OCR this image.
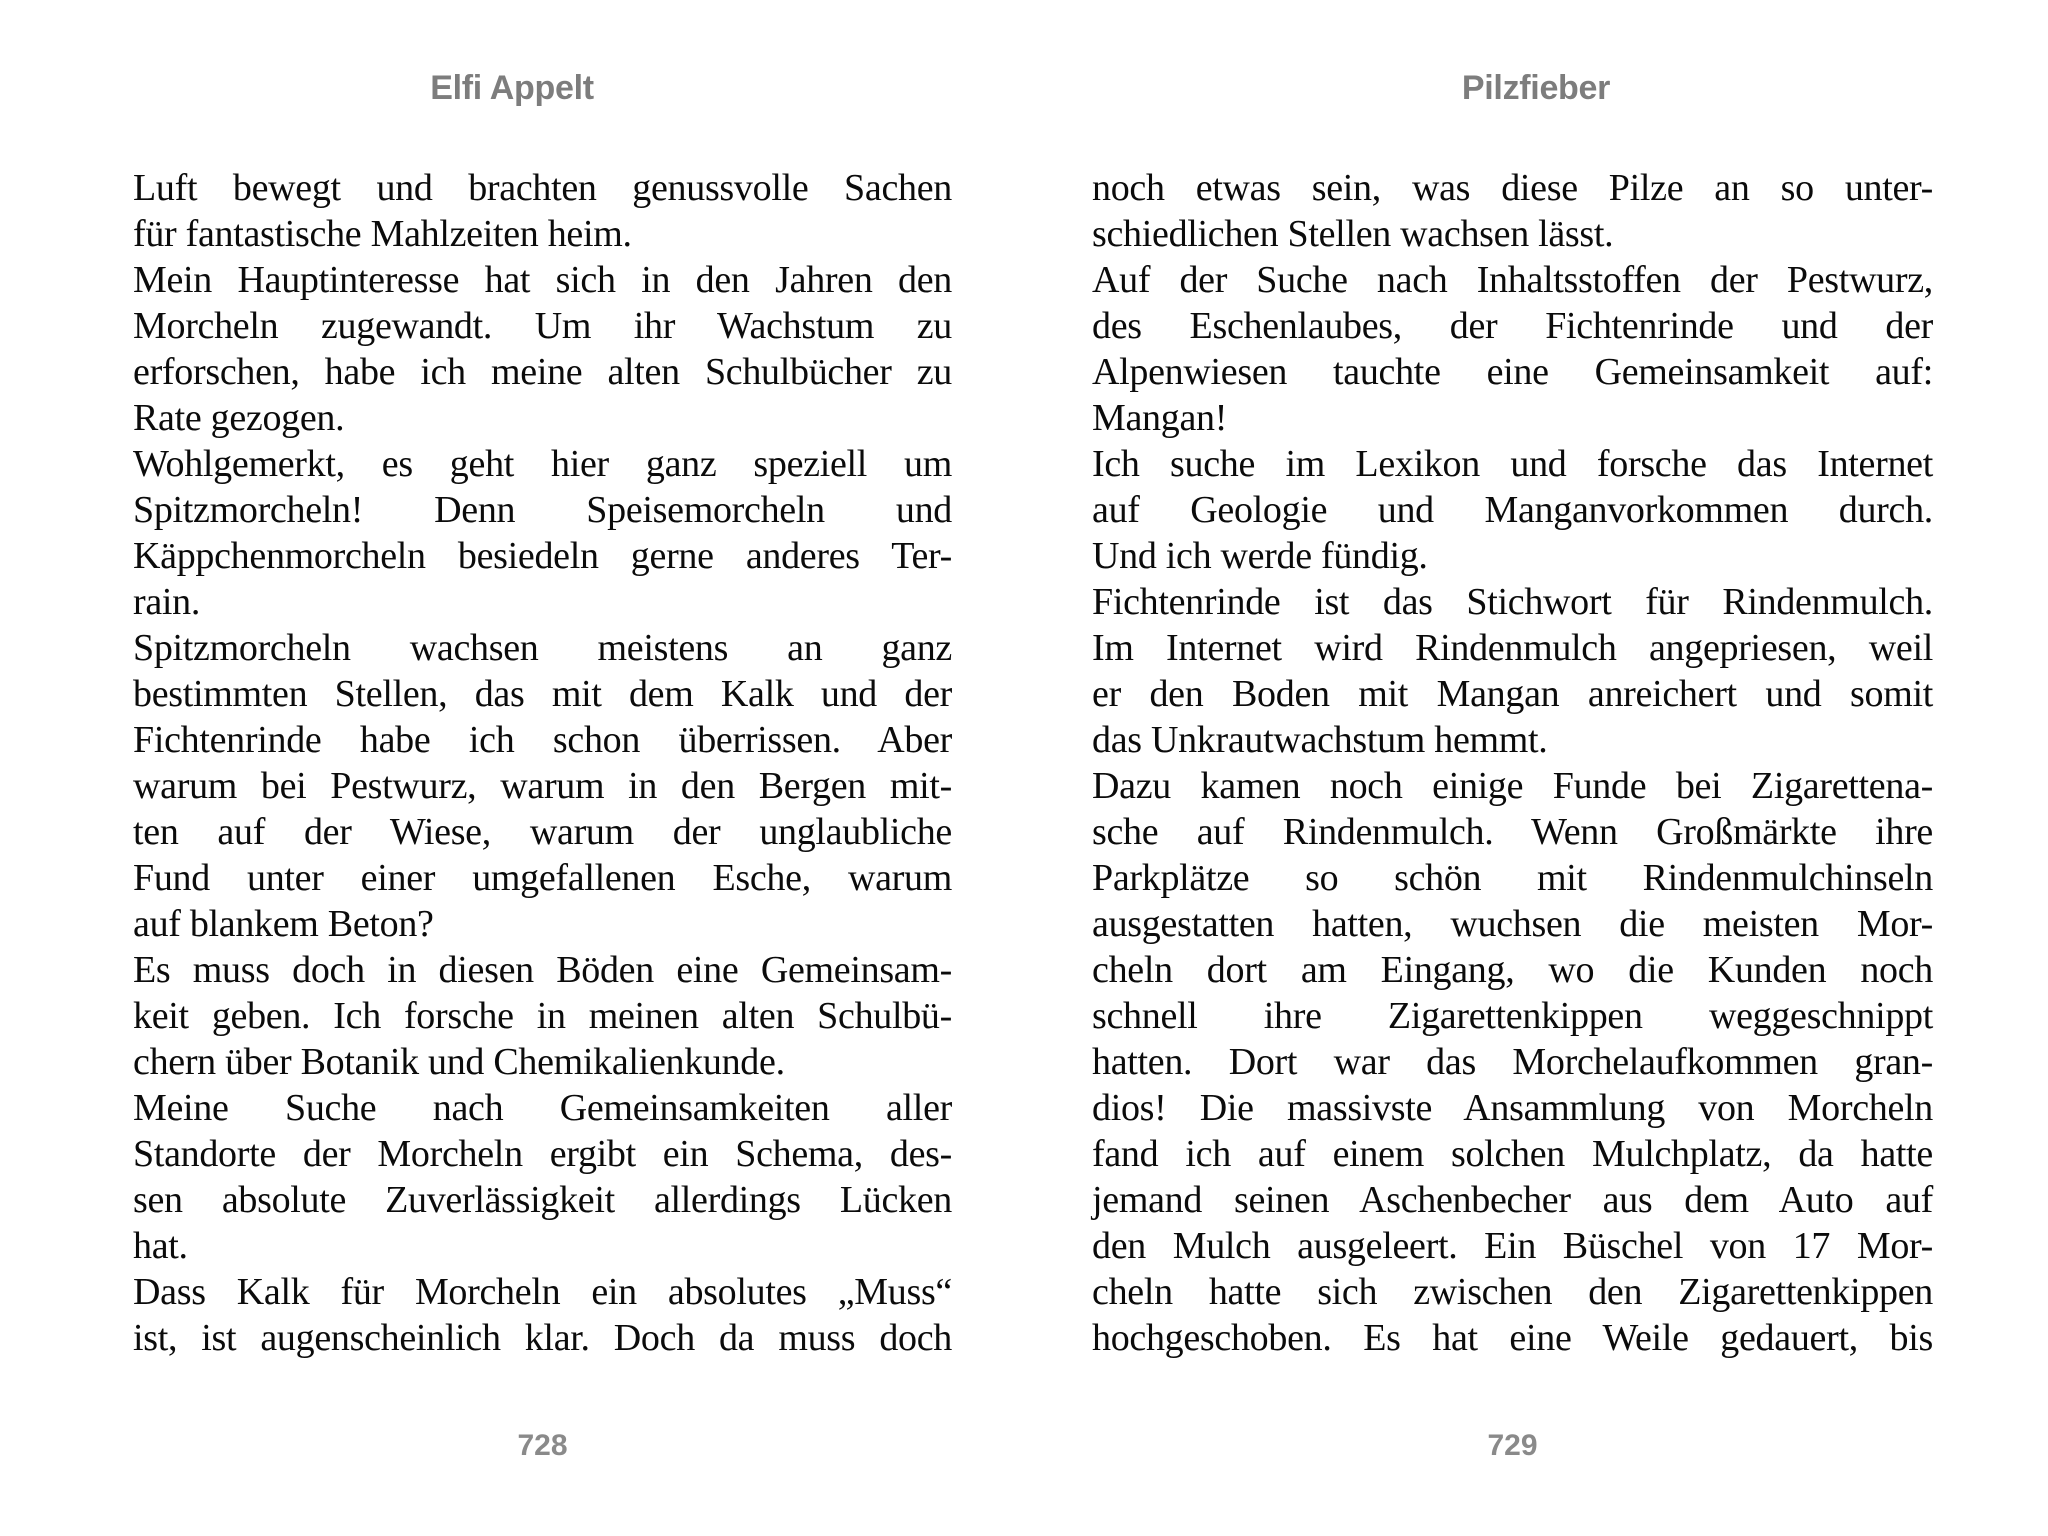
Elfi Appelt
Luft bewegt und brachten genussvolle Sachen
für fantastische Mahlzeiten heim.
Mein Hauptinteresse hat sich in den Jahren den
Morcheln zugewandt. Um ihr Wachstum zu
erforschen, habe ich meine alten Schulbücher zu
Rate gezogen.
Wohlgemerkt, es geht hier ganz speziell um
Spitzmorcheln! Denn Speisemorcheln und
Käppchenmorcheln besiedeln gerne anderes Ter-
rain.
Spitzmorcheln wachsen meistens an ganz
bestimmten Stellen, das mit dem Kalk und der
Fichtenrinde habe ich schon überrissen. Aber
warum bei Pestwurz, warum in den Bergen mit-
ten auf der Wiese, warum der unglaubliche
Fund unter einer umgefallenen Esche, warum
auf blankem Beton?
Es muss doch in diesen Böden eine Gemeinsam-
keit geben. Ich forsche in meinen alten Schulbü-
chern über Botanik und Chemikalienkunde.
Meine Suche nach Gemeinsamkeiten aller
Standorte der Morcheln ergibt ein Schema, des-
sen absolute Zuverlässigkeit allerdings Lücken
hat.
Dass Kalk für Morcheln ein absolutes „Muss“
ist, ist augenscheinlich klar. Doch da muss doch
728
Pilzfieber
noch etwas sein, was diese Pilze an so unter-
schiedlichen Stellen wachsen lässt.
Auf der Suche nach Inhaltsstoffen der Pestwurz,
des Eschenlaubes, der Fichtenrinde und der
Alpenwiesen tauchte eine Gemeinsamkeit auf:
Mangan!
Ich suche im Lexikon und forsche das Internet
auf Geologie und Manganvorkommen durch.
Und ich werde fündig.
Fichtenrinde ist das Stichwort für Rindenmulch.
Im Internet wird Rindenmulch angepriesen, weil
er den Boden mit Mangan anreichert und somit
das Unkrautwachstum hemmt.
Dazu kamen noch einige Funde bei Zigarettena-
sche auf Rindenmulch. Wenn Großmärkte ihre
Parkplätze so schön mit Rindenmulchinseln
ausgestatten hatten, wuchsen die meisten Mor-
cheln dort am Eingang, wo die Kunden noch
schnell ihre Zigarettenkippen weggeschnippt
hatten. Dort war das Morchelaufkommen gran-
dios! Die massivste Ansammlung von Morcheln
fand ich auf einem solchen Mulchplatz, da hatte
jemand seinen Aschenbecher aus dem Auto auf
den Mulch ausgeleert. Ein Büschel von 17 Mor-
cheln hatte sich zwischen den Zigarettenkippen
hochgeschoben. Es hat eine Weile gedauert, bis
729
